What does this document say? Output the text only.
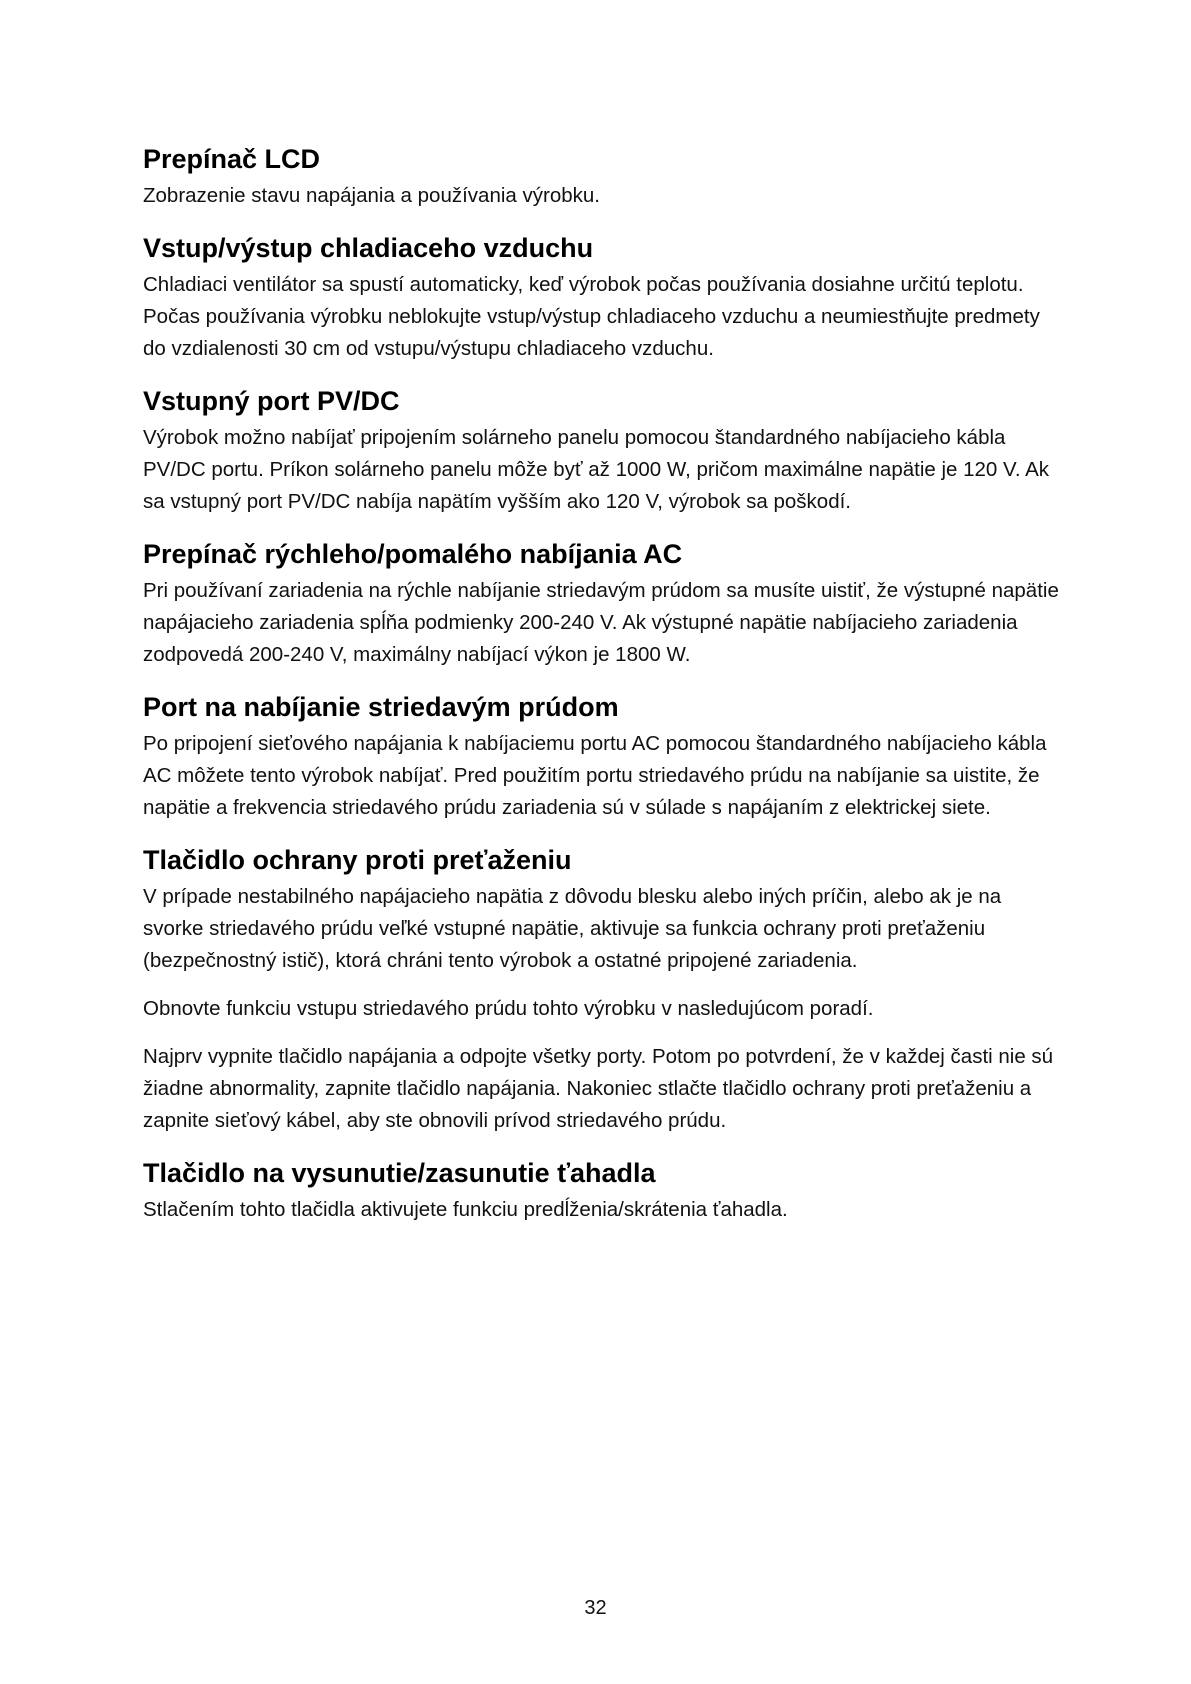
Prepínač LCD

Zobrazenie stavu napájania a používania výrobku.

Vstup/výstup chladiaceho vzduchu

Chladiaci ventilátor sa spustí automaticky, keď výrobok počas používania dosiahne určitú teplotu. Počas používania výrobku neblokujte vstup/výstup chladiaceho vzduchu a neumiestňujte predmety do vzdialenosti 30 cm od vstupu/výstupu chladiaceho vzduchu.

Vstupný port PV/DC

Výrobok možno nabíjať pripojením solárneho panelu pomocou štandardného nabíjacieho kábla PV/DC portu. Príkon solárneho panelu môže byť až 1000 W, pričom maximálne napätie je 120 V. Ak sa vstupný port PV/DC nabíja napätím vyšším ako 120 V, výrobok sa poškodí.

Prepínač rýchleho/pomalého nabíjania AC

Pri používaní zariadenia na rýchle nabíjanie striedavým prúdom sa musíte uistiť, že výstupné napätie napájacieho zariadenia spĺňa podmienky 200-240 V. Ak výstupné napätie nabíjacieho zariadenia zodpovedá 200-240 V, maximálny nabíjací výkon je 1800 W.

Port na nabíjanie striedavým prúdom

Po pripojení sieťového napájania k nabíjaciemu portu AC pomocou štandardného nabíjacieho kábla AC môžete tento výrobok nabíjať. Pred použitím portu striedavého prúdu na nabíjanie sa uistite, že napätie a frekvencia striedavého prúdu zariadenia sú v súlade s napájaním z elektrickej siete.

Tlačidlo ochrany proti preťaženiu

V prípade nestabilného napájacieho napätia z dôvodu blesku alebo iných príčin, alebo ak je na svorke striedavého prúdu veľké vstupné napätie, aktivuje sa funkcia ochrany proti preťaženiu (bezpečnostný istič), ktorá chráni tento výrobok a ostatné pripojené zariadenia.

Obnovte funkciu vstupu striedavého prúdu tohto výrobku v nasledujúcom poradí.

Najprv vypnite tlačidlo napájania a odpojte všetky porty. Potom po potvrdení, že v každej časti nie sú žiadne abnormality, zapnite tlačidlo napájania. Nakoniec stlačte tlačidlo ochrany proti preťaženiu a zapnite sieťový kábel, aby ste obnovili prívod striedavého prúdu.

Tlačidlo na vysunutie/zasunutie ťahadla

Stlačením tohto tlačidla aktivujete funkciu predĺženia/skrátenia ťahadla.

32
